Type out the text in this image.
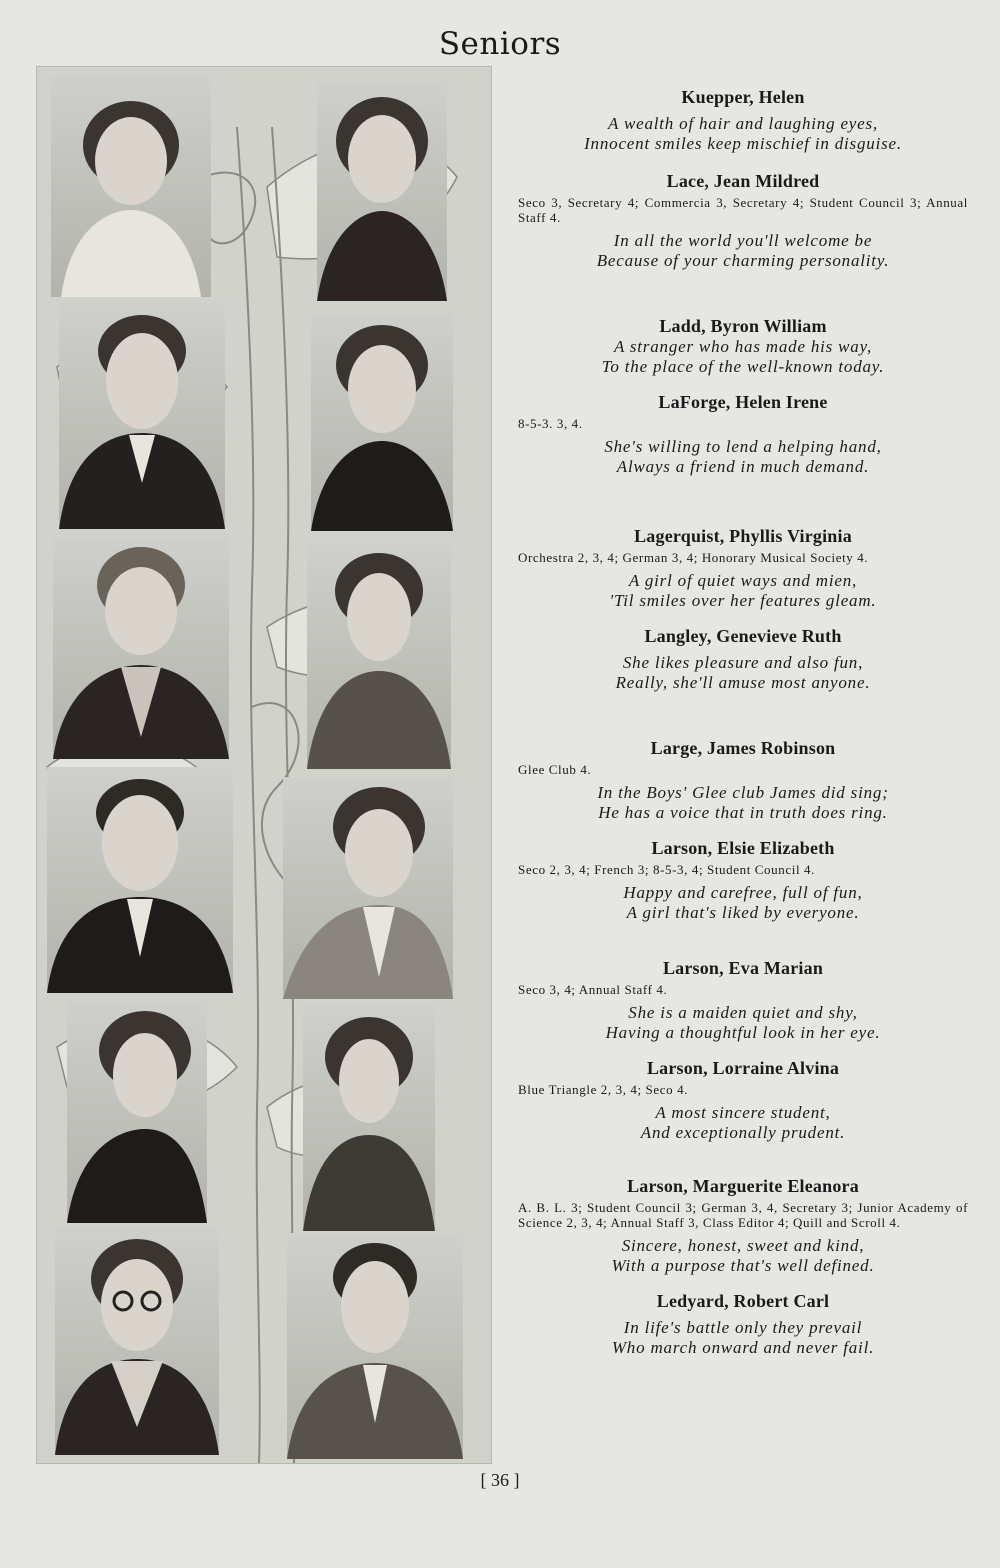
Seniors
Kuepper, Helen
A wealth of hair and laughing eyes,
Innocent smiles keep mischief in disguise.
Lace, Jean Mildred
Seco 3, Secretary 4; Commercia 3, Secretary 4; Student Council 3; Annual Staff 4.
In all the world you'll welcome be
Because of your charming personality.
Ladd, Byron William
A stranger who has made his way,
To the place of the well-known today.
LaForge, Helen Irene
8-5-3. 3, 4.
She's willing to lend a helping hand,
Always a friend in much demand.
Lagerquist, Phyllis Virginia
Orchestra 2, 3, 4; German 3, 4; Honorary Musical Society 4.
A girl of quiet ways and mien,
'Til smiles over her features gleam.
Langley, Genevieve Ruth
She likes pleasure and also fun,
Really, she'll amuse most anyone.
Large, James Robinson
Glee Club 4.
In the Boys' Glee club James did sing;
He has a voice that in truth does ring.
Larson, Elsie Elizabeth
Seco 2, 3, 4; French 3; 8-5-3, 4; Student Council 4.
Happy and carefree, full of fun,
A girl that's liked by everyone.
Larson, Eva Marian
Seco 3, 4; Annual Staff 4.
She is a maiden quiet and shy,
Having a thoughtful look in her eye.
Larson, Lorraine Alvina
Blue Triangle 2, 3, 4; Seco 4.
A most sincere student,
And exceptionally prudent.
Larson, Marguerite Eleanora
A. B. L. 3; Student Council 3; German 3, 4, Secretary 3; Junior Academy of Science 2, 3, 4; Annual Staff 3, Class Editor 4; Quill and Scroll 4.
Sincere, honest, sweet and kind,
With a purpose that's well defined.
Ledyard, Robert Carl
In life's battle only they prevail
Who march onward and never fail.
[ 36 ]
